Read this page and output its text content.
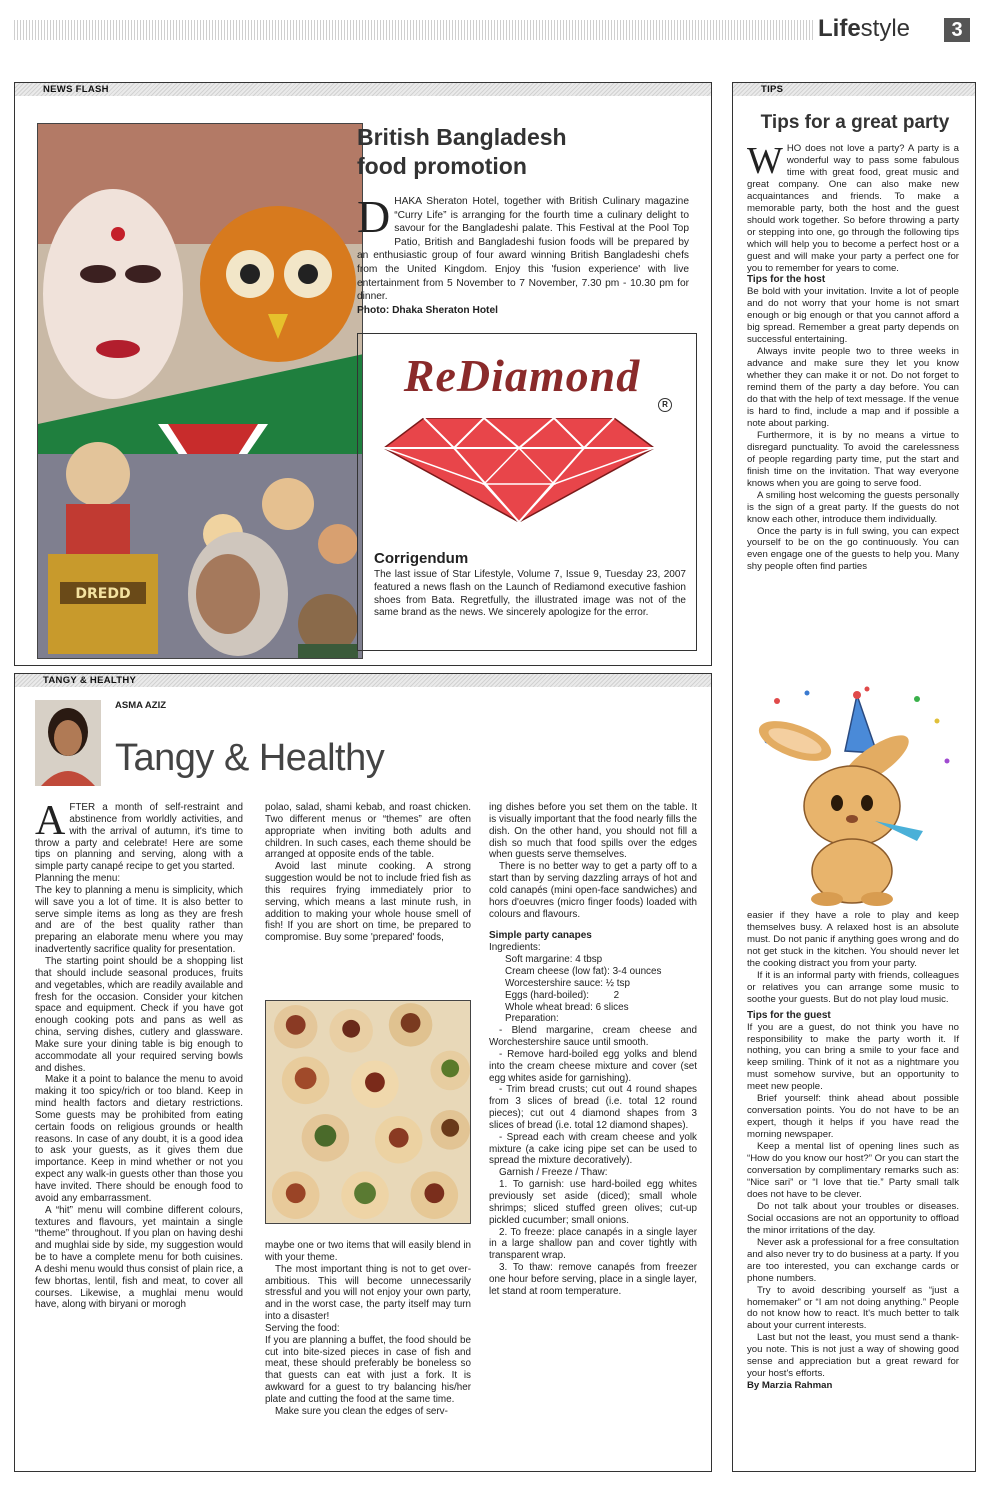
Lifestyle	3
NEWS FLASH
DREDD
British Bangladesh
food promotion

DHAKA Sheraton Hotel, together with British Culinary magazine “Curry Life” is arranging for the fourth time a culinary delight to savour for the Bangladeshi palate. This Festival at the Pool Top Patio, British and Bangladeshi fusion foods will be prepared by an enthusiastic group of four award winning British Bangladeshi chefs from the United Kingdom. Enjoy this 'fusion experience' with live entertainment from 5 November to 7 November, 7.30 pm - 10.30 pm for dinner.

Photo: Dhaka Sheraton Hotel

ReDiamond
R
Corrigendum
The last issue of Star Lifestyle, Volume 7, Issue 9, Tuesday 23, 2007 featured a news flash on the Launch of Rediamond executive fashion shoes from Bata. Regretfully, the illustrated image was not of the same brand as the news. We sincerely apologize for the error.
TIPS
Tips for a great party

WHO does not love a party? A party is a wonderful way to pass some fabulous time with great food, great music and great company. One can also make new acquaintances and friends. To make a memorable party, both the host and the guest should work together. So before throwing a party or stepping into one, go through the following tips which will help you to become a perfect host or a guest and will make your party a perfect one for you to remember for years to come.

Tips for the host

Be bold with your invitation. Invite a lot of people and do not worry that your home is not smart enough or big enough or that you cannot afford a big spread. Remember a great party depends on successful entertaining.

Always invite people two to three weeks in advance and make sure they let you know whether they can make it or not. Do not forget to remind them of the party a day before. You can do that with the help of text message. If the venue is hard to find, include a map and if possible a note about parking.

Furthermore, it is by no means a virtue to disregard punctuality. To avoid the carelessness of people regarding party time, put the start and finish time on the invitation. That way everyone knows when you are going to serve food.

A smiling host welcoming the guests personally is the sign of a great party. If the guests do not know each other, introduce them individually.

Once the party is in full swing, you can expect yourself to be on the go continuously. You can even engage one of the guests to help you. Many shy people often find parties

easier if they have a role to play and keep themselves busy. A relaxed host is an absolute must. Do not panic if anything goes wrong and do not get stuck in the kitchen. You should never let the cooking distract you from your party.

If it is an informal party with friends, colleagues or relatives you can arrange some music to soothe your guests. But do not play loud music.

Tips for the guest

If you are a guest, do not think you have no responsibility to make the party worth it. If nothing, you can bring a smile to your face and keep smiling. Think of it not as a nightmare you must somehow survive, but an opportunity to meet new people.

Brief yourself: think ahead about possible conversation points. You do not have to be an expert, though it helps if you have read the morning newspaper.

Keep a mental list of opening lines such as “How do you know our host?” Or you can start the conversation by complimentary remarks such as: “Nice sari” or “I love that tie.” Party small talk does not have to be clever.

Do not talk about your troubles or diseases. Social occasions are not an opportunity to offload the minor irritations of the day.

Never ask a professional for a free consultation and also never try to do business at a party. If you are too interested, you can exchange cards or phone numbers.

Try to avoid describing yourself as “just a homemaker” or “I am not doing anything.” People do not know how to react. It's much better to talk about your current interests.

Last but not the least, you must send a thank-you note. This is not just a way of showing good sense and appreciation but a great reward for your host's efforts.

By Marzia Rahman

TANGY & HEALTHY
ASMA AZIZ
Tangy & Healthy

AFTER a month of self-restraint and abstinence from worldly activities, and with the arrival of autumn, it's time to throw a party and celebrate! Here are some tips on planning and serving, along with a simple party canapé recipe to get you started.

Planning the menu:

The key to planning a menu is simplicity, which will save you a lot of time. It is also better to serve simple items as long as they are fresh and are of the best quality rather than preparing an elaborate menu where you may inadvertently sacrifice quality for presentation.

The starting point should be a shopping list that should include seasonal produces, fruits and vegetables, which are readily available and fresh for the occasion. Consider your kitchen space and equipment. Check if you have got enough cooking pots and pans as well as china, serving dishes, cutlery and glassware. Make sure your dining table is big enough to accommodate all your required serving bowls and dishes.

Make it a point to balance the menu to avoid making it too spicy/rich or too bland. Keep in mind health factors and dietary restrictions. Some guests may be prohibited from eating certain foods on religious grounds or health reasons. In case of any doubt, it is a good idea to ask your guests, as it gives them due importance. Keep in mind whether or not you expect any walk-in guests other than those you have invited. There should be enough food to avoid any embarrassment.

A “hit” menu will combine different colours, textures and flavours, yet maintain a single “theme” throughout. If you plan on having deshi and mughlai side by side, my suggestion would be to have a complete menu for both cuisines. A deshi menu would thus consist of plain rice, a few bhortas, lentil, fish and meat, to cover all courses. Likewise, a mughlai menu would have, along with biryani or morogh

polao, salad, shami kebab, and roast chicken. Two different menus or “themes” are often appropriate when inviting both adults and children. In such cases, each theme should be arranged at opposite ends of the table.

Avoid last minute cooking. A strong suggestion would be not to include fried fish as this requires frying immediately prior to serving, which means a last minute rush, in addition to making your whole house smell of fish! If you are short on time, be prepared to compromise. Buy some 'prepared' foods,

maybe one or two items that will easily blend in with your theme.

The most important thing is not to get over-ambitious. This will become unnecessarily stressful and you will not enjoy your own party, and in the worst case, the party itself may turn into a disaster!

Serving the food:

If you are planning a buffet, the food should be cut into bite-sized pieces in case of fish and meat, these should preferably be boneless so that guests can eat with just a fork. It is awkward for a guest to try balancing his/her plate and cutting the food at the same time.

Make sure you clean the edges of serv-

ing dishes before you set them on the table. It is visually important that the food nearly fills the dish. On the other hand, you should not fill a dish so much that food spills over the edges when guests serve themselves.

There is no better way to get a party off to a start than by serving dazzling arrays of hot and cold canapés (mini open-face sandwiches) and hors d'oeuvres (micro finger foods) loaded with colours and flavours.

Simple party canapes

Ingredients:

Soft margarine: 4 tbsp

Cream cheese (low fat): 3-4 ounces

Worcestershire sauce: ½ tsp

Eggs (hard-boiled):         2

Whole wheat bread: 6 slices

Preparation:

- Blend margarine, cream cheese and Worchestershire sauce until smooth.

- Remove hard-boiled egg yolks and blend into the cream cheese mixture and cover (set egg whites aside for garnishing).

- Trim bread crusts; cut out 4 round shapes from 3 slices of bread (i.e. total 12 round pieces); cut out 4 diamond shapes from 3 slices of bread (i.e. total 12 diamond shapes).

- Spread each with cream cheese and yolk mixture (a cake icing pipe set can be used to spread the mixture decoratively).

Garnish / Freeze / Thaw:

1. To garnish: use hard-boiled egg whites previously set aside (diced); small whole shrimps; sliced stuffed green olives; cut-up pickled cucumber; small onions.

2. To freeze: place canapés in a single layer in a large shallow pan and cover tightly with transparent wrap.

3. To thaw: remove canapés from freezer one hour before serving, place in a single layer, let stand at room temperature.
